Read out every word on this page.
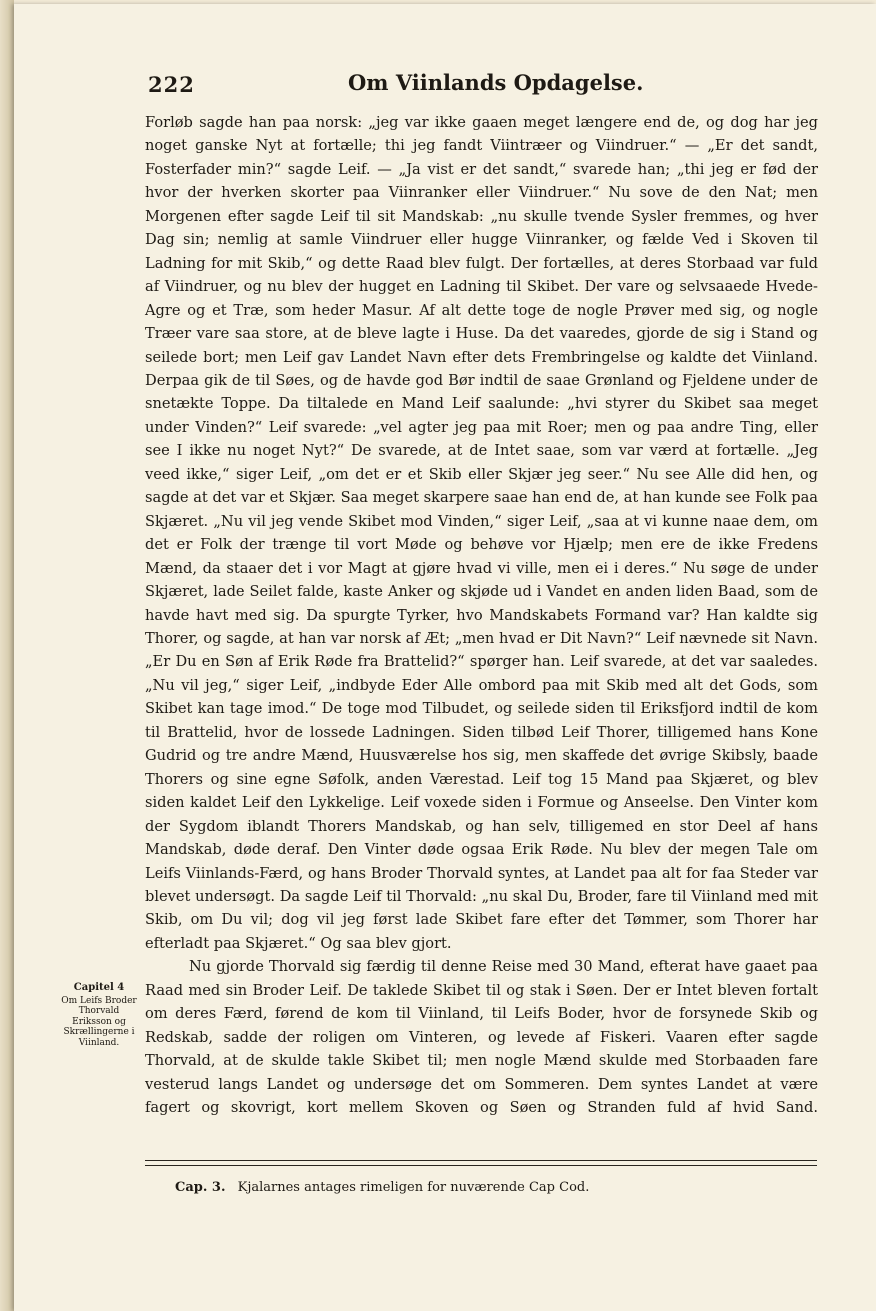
222	Om Viinlands Opdagelse.
Capitel 4
Om Leifs Broder Thorvald Eriksson og Skrællingerne i Viinland.

Forløb sagde han paa norsk: „jeg var ikke gaaen meget længere end de, og dog har jeg noget ganske Nyt at fortælle; thi jeg fandt Viintræer og Viindruer.“ — „Er det sandt, Fosterfader min?“ sagde Leif. — „Ja vist er det sandt,“ svarede han; „thi jeg er fød der hvor der hverken skorter paa Viinranker eller Viindruer.“ Nu sove de den Nat; men Morgenen efter sagde Leif til sit Mandskab: „nu skulle tvende Sysler fremmes, og hver Dag sin; nemlig at samle Viindruer eller hugge Viinranker, og fælde Ved i Skoven til Ladning for mit Skib,“ og dette Raad blev fulgt. Der fortælles, at deres Storbaad var fuld af Viindruer, og nu blev der hugget en Ladning til Skibet. Der vare og selvsaaede Hvede-Agre og et Træ, som heder Masur. Af alt dette toge de nogle Prøver med sig, og nogle Træer vare saa store, at de bleve lagte i Huse. Da det vaaredes, gjorde de sig i Stand og seilede bort; men Leif gav Landet Navn efter dets Frembringelse og kaldte det Viinland. Derpaa gik de til Søes, og de havde god Bør indtil de saae Grønland og Fjeldene under de snetækte Toppe. Da tiltalede en Mand Leif saalunde: „hvi styrer du Skibet saa meget under Vinden?“ Leif svarede: „vel agter jeg paa mit Roer; men og paa andre Ting, eller see I ikke nu noget Nyt?“ De svarede, at de Intet saae, som var værd at fortælle. „Jeg veed ikke,“ siger Leif, „om det er et Skib eller Skjær jeg seer.“ Nu see Alle did hen, og sagde at det var et Skjær. Saa meget skarpere saae han end de, at han kunde see Folk paa Skjæret. „Nu vil jeg vende Skibet mod Vinden,“ siger Leif, „saa at vi kunne naae dem, om det er Folk der trænge til vort Møde og behøve vor Hjælp; men ere de ikke Fredens Mænd, da staaer det i vor Magt at gjøre hvad vi ville, men ei i deres.“ Nu søge de under Skjæret, lade Seilet falde, kaste Anker og skjøde ud i Vandet en anden liden Baad, som de havde havt med sig. Da spurgte Tyrker, hvo Mandskabets Formand var? Han kaldte sig Thorer, og sagde, at han var norsk af Æt; „men hvad er Dit Navn?“ Leif nævnede sit Navn. „Er Du en Søn af Erik Røde fra Brattelid?“ spørger han. Leif svarede, at det var saaledes. „Nu vil jeg,“ siger Leif, „indbyde Eder Alle ombord paa mit Skib med alt det Gods, som Skibet kan tage imod.“ De toge mod Tilbudet, og seilede siden til Eriksfjord indtil de kom til Brattelid, hvor de lossede Ladningen. Siden tilbød Leif Thorer, tilligemed hans Kone Gudrid og tre andre Mænd, Huusværelse hos sig, men skaffede det øvrige Skibsly, baade Thorers og sine egne Søfolk, anden Værestad. Leif tog 15 Mand paa Skjæret, og blev siden kaldet Leif den Lykkelige. Leif voxede siden i Formue og Anseelse. Den Vinter kom der Sygdom iblandt Thorers Mandskab, og han selv, tilligemed en stor Deel af hans Mandskab, døde deraf. Den Vinter døde ogsaa Erik Røde. Nu blev der megen Tale om Leifs Viinlands-Færd, og hans Broder Thorvald syntes, at Landet paa alt for faa Steder var blevet undersøgt. Da sagde Leif til Thorvald: „nu skal Du, Broder, fare til Viinland med mit Skib, om Du vil; dog vil jeg først lade Skibet fare efter det Tømmer, som Thorer har efterladt paa Skjæret.“ Og saa blev gjort.

Nu gjorde Thorvald sig færdig til denne Reise med 30 Mand, efterat have gaaet paa Raad med sin Broder Leif. De taklede Skibet til og stak i Søen. Der er Intet bleven fortalt om deres Færd, førend de kom til Viinland, til Leifs Boder, hvor de forsynede Skib og Redskab, sadde der roligen om Vinteren, og levede af Fiskeri. Vaaren efter sagde Thorvald, at de skulde takle Skibet til; men nogle Mænd skulde med Storbaaden fare vesterud langs Landet og undersøge det om Sommeren. Dem syntes Landet at være fagert og skovrigt, kort mellem Skoven og Søen og Stranden fuld af hvid Sand.

Cap. 3. Kjalarnes antages rimeligen for nuværende Cap Cod.
